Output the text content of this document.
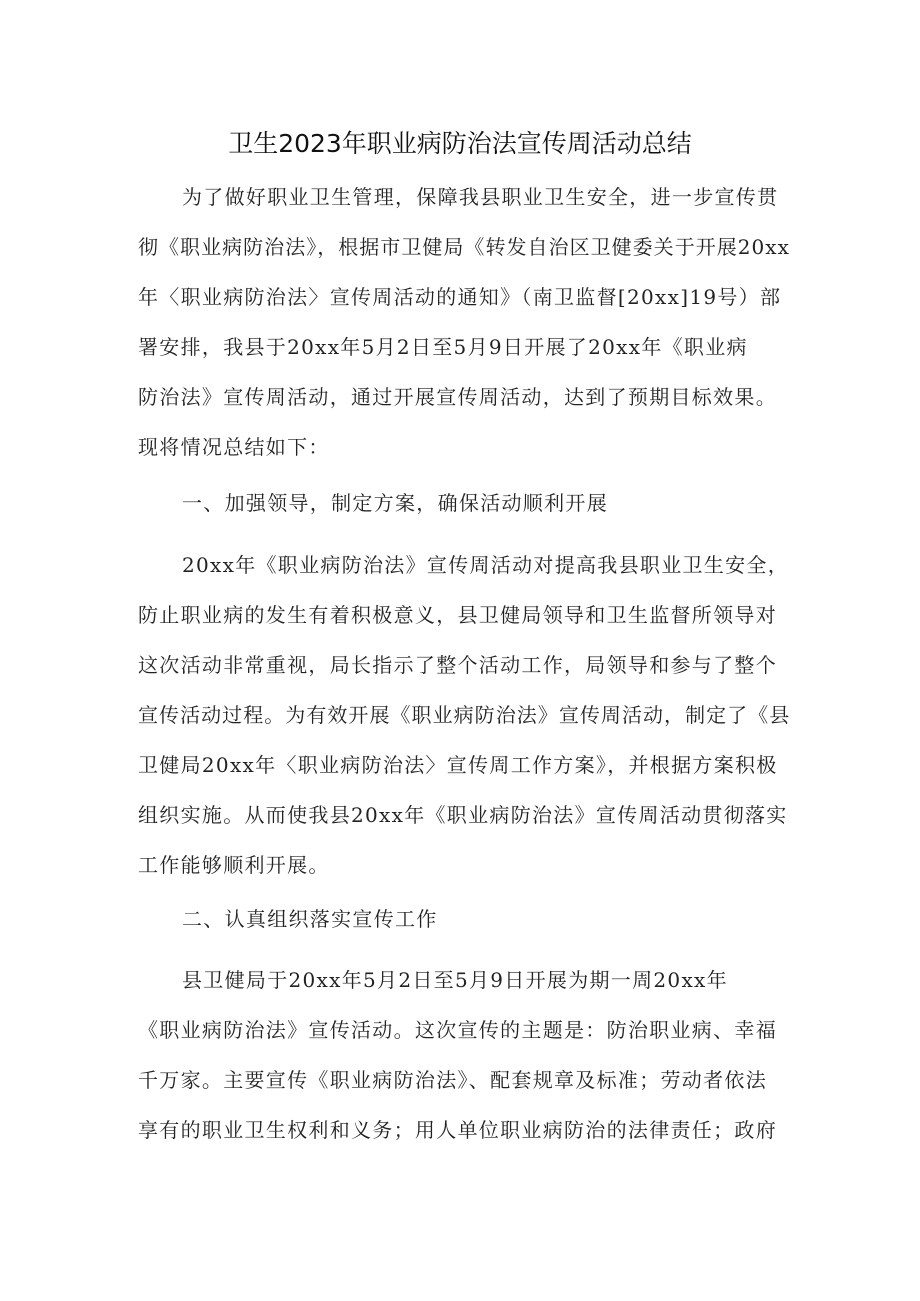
卫生2023年职业病防治法宣传周活动总结
为了做好职业卫生管理，保障我县职业卫生安全，进一步宣传贯
彻《职业病防治法》，根据市卫健局《转发自治区卫健委关于开展20xx
年〈职业病防治法〉宣传周活动的通知》（南卫监督[20xx]19号）部
署安排，我县于20xx年5月2日至5月9日开展了20xx年《职业病
防治法》宣传周活动，通过开展宣传周活动，达到了预期目标效果。
现将情况总结如下：
一、加强领导，制定方案，确保活动顺利开展
20xx年《职业病防治法》宣传周活动对提高我县职业卫生安全，
防止职业病的发生有着积极意义，县卫健局领导和卫生监督所领导对
这次活动非常重视，局长指示了整个活动工作，局领导和参与了整个
宣传活动过程。为有效开展《职业病防治法》宣传周活动，制定了《县
卫健局20xx年〈职业病防治法〉宣传周工作方案》，并根据方案积极
组织实施。从而使我县20xx年《职业病防治法》宣传周活动贯彻落实
工作能够顺利开展。
二、认真组织落实宣传工作
县卫健局于20xx年5月2日至5月9日开展为期一周20xx年
《职业病防治法》宣传活动。这次宣传的主题是：防治职业病、幸福
千万家。主要宣传《职业病防治法》、配套规章及标准；劳动者依法
享有的职业卫生权利和义务；用人单位职业病防治的法律责任；政府
